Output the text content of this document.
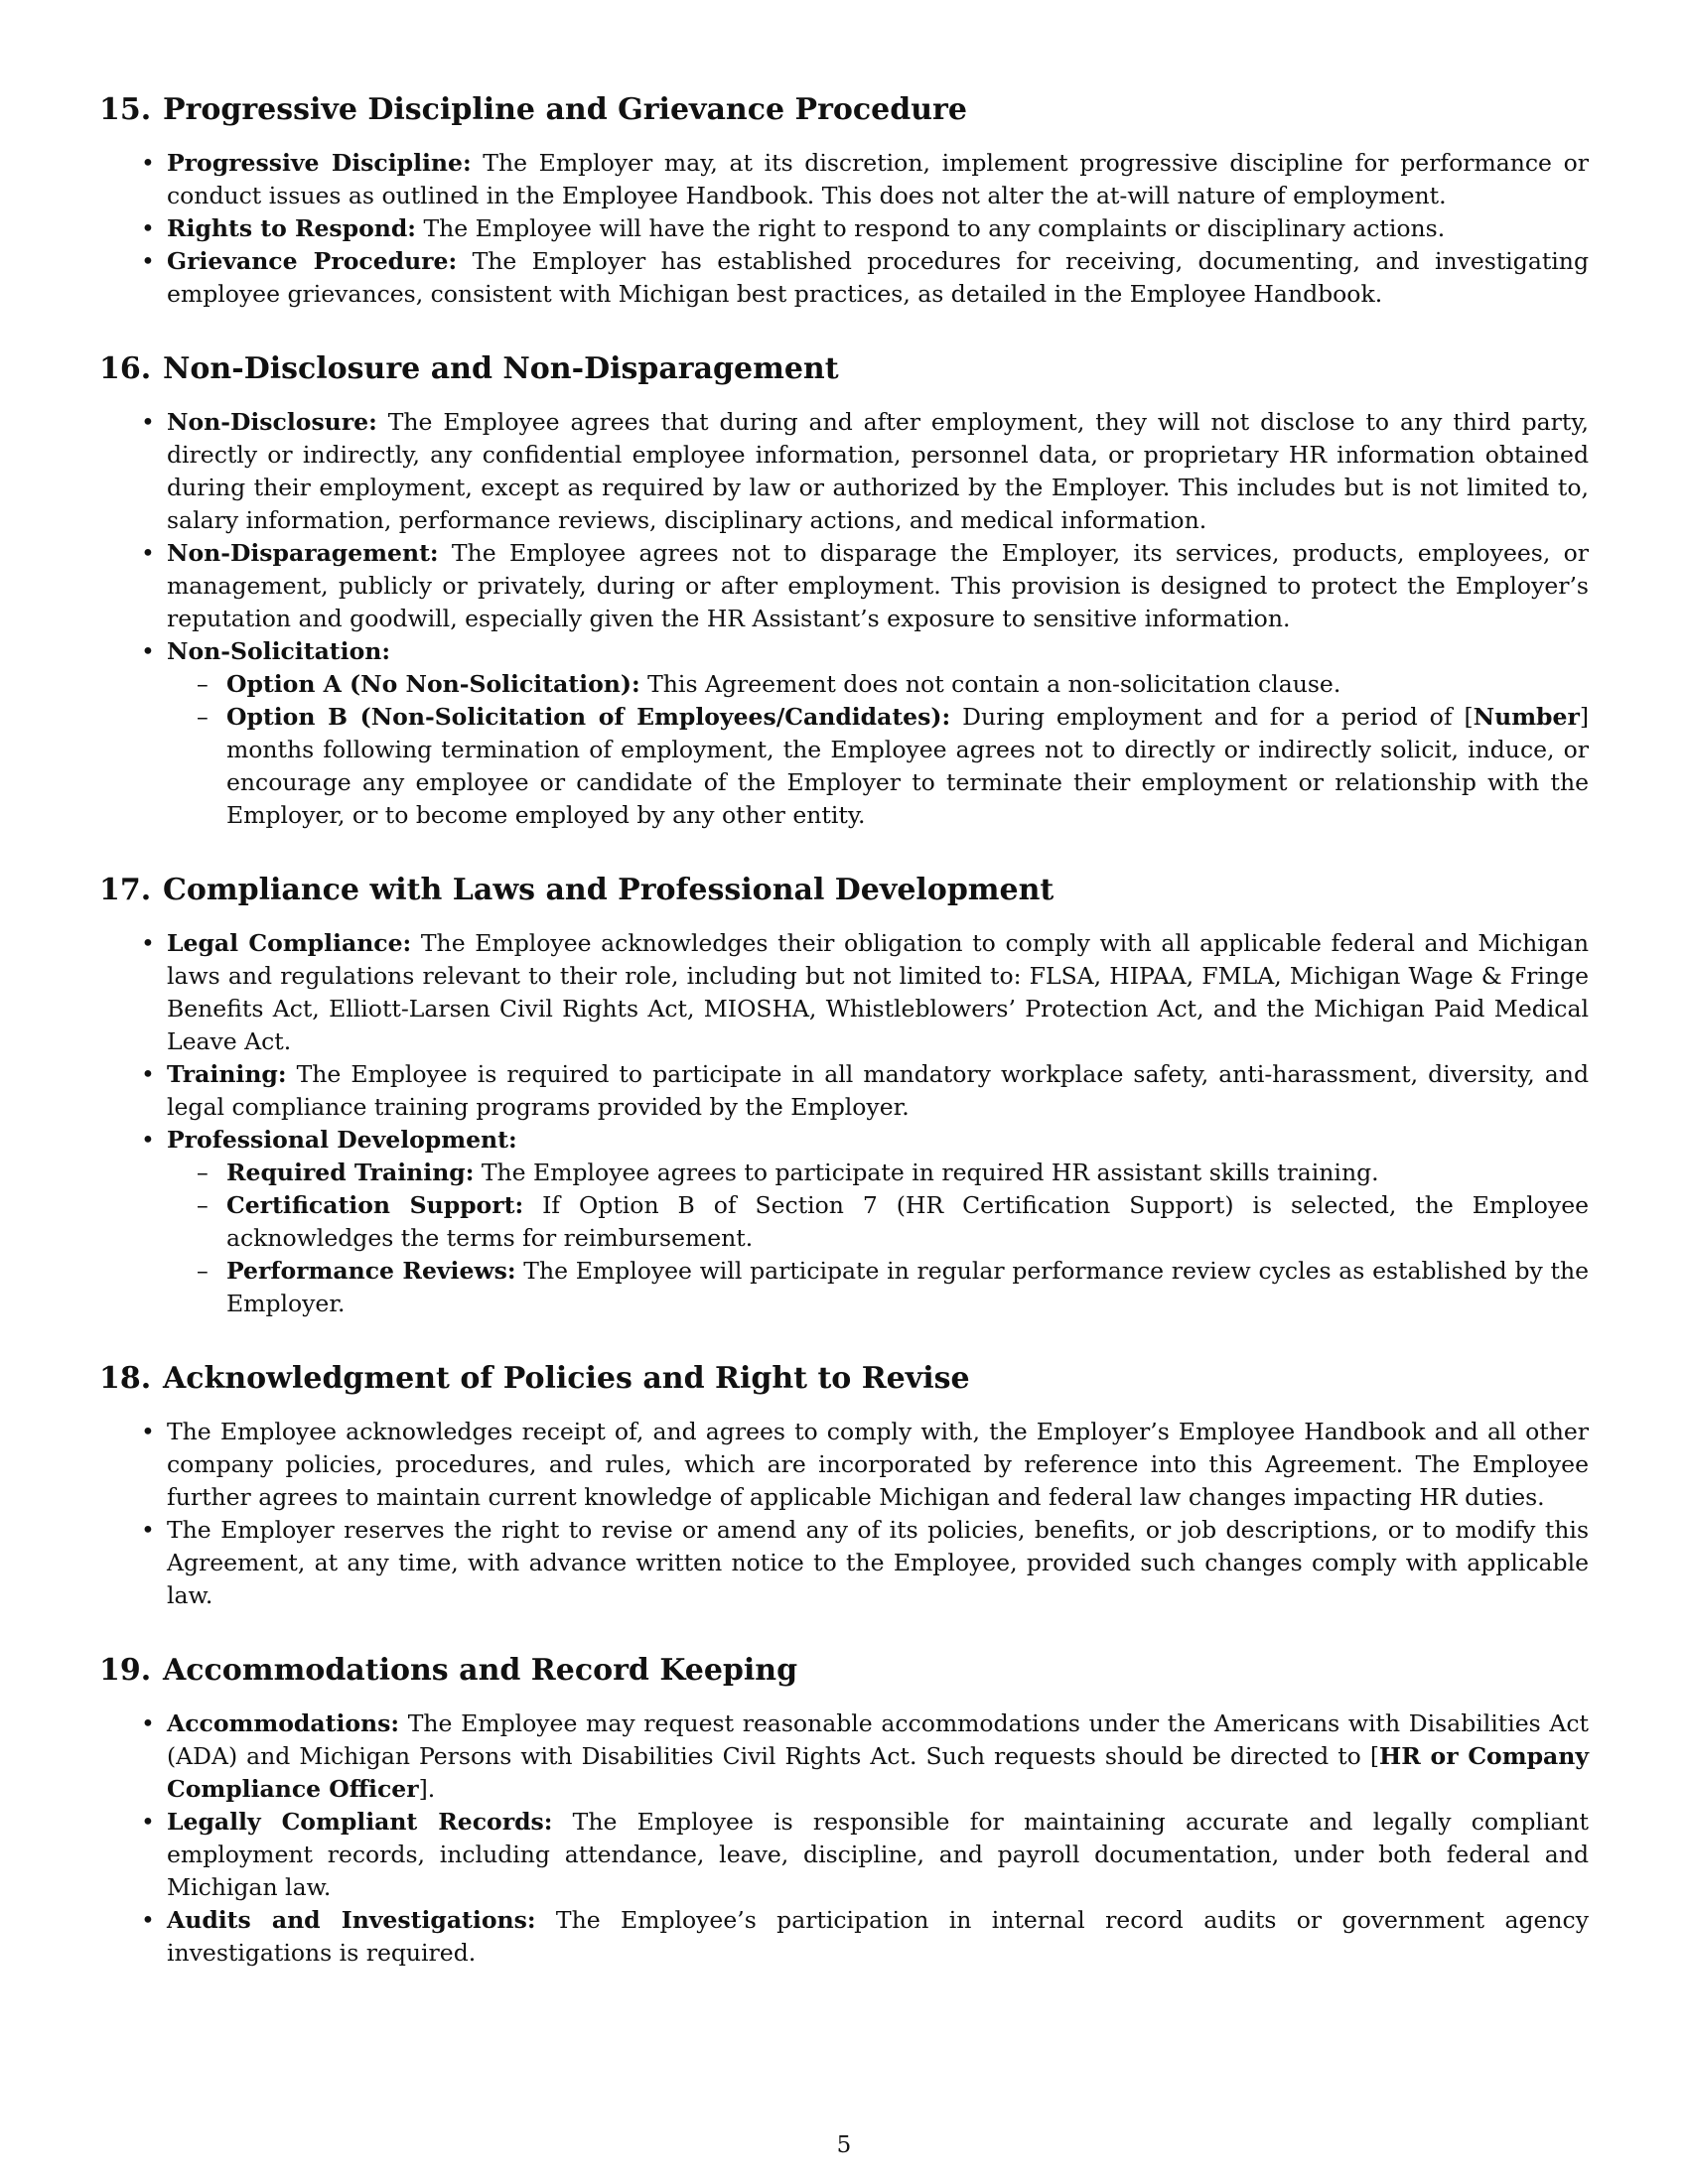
15. Progressive Discipline and Grievance Procedure
• Progressive Discipline: The Employer may, at its discretion, implement progressive discipline for performance or conduct issues as outlined in the Employee Handbook. This does not alter the at-will nature of employment.
• Rights to Respond: The Employee will have the right to respond to any complaints or disciplinary actions.
• Grievance Procedure: The Employer has established procedures for receiving, documenting, and investigating employee grievances, consistent with Michigan best practices, as detailed in the Employee Handbook.
16. Non-Disclosure and Non-Disparagement
• Non-Disclosure: The Employee agrees that during and after employment, they will not disclose to any third party, directly or indirectly, any confidential employee information, personnel data, or proprietary HR information obtained during their employment, except as required by law or authorized by the Employer. This includes but is not limited to, salary information, performance reviews, disciplinary actions, and medical information.
• Non-Disparagement: The Employee agrees not to disparage the Employer, its services, products, employees, or management, publicly or privately, during or after employment. This provision is designed to protect the Employer’s reputation and goodwill, especially given the HR Assistant’s exposure to sensitive information.
• Non-Solicitation:
– Option A (No Non-Solicitation): This Agreement does not contain a non-solicitation clause.
– Option B (Non-Solicitation of Employees/Candidates): During employment and for a period of [Number] months following termination of employment, the Employee agrees not to directly or indirectly solicit, induce, or encourage any employee or candidate of the Employer to terminate their employment or relationship with the Employer, or to become employed by any other entity.
17. Compliance with Laws and Professional Development
• Legal Compliance: The Employee acknowledges their obligation to comply with all applicable federal and Michigan laws and regulations relevant to their role, including but not limited to: FLSA, HIPAA, FMLA, Michigan Wage & Fringe Benefits Act, Elliott-Larsen Civil Rights Act, MIOSHA, Whistleblowers’ Protection Act, and the Michigan Paid Medical Leave Act.
• Training: The Employee is required to participate in all mandatory workplace safety, anti-harassment, diversity, and legal compliance training programs provided by the Employer.
• Professional Development:
– Required Training: The Employee agrees to participate in required HR assistant skills training.
– Certification Support: If Option B of Section 7 (HR Certification Support) is selected, the Employee acknowledges the terms for reimbursement.
– Performance Reviews: The Employee will participate in regular performance review cycles as established by the Employer.
18. Acknowledgment of Policies and Right to Revise
• The Employee acknowledges receipt of, and agrees to comply with, the Employer’s Employee Handbook and all other company policies, procedures, and rules, which are incorporated by reference into this Agreement. The Employee further agrees to maintain current knowledge of applicable Michigan and federal law changes impacting HR duties.
• The Employer reserves the right to revise or amend any of its policies, benefits, or job descriptions, or to modify this Agreement, at any time, with advance written notice to the Employee, provided such changes comply with applicable law.
19. Accommodations and Record Keeping
• Accommodations: The Employee may request reasonable accommodations under the Americans with Disabilities Act (ADA) and Michigan Persons with Disabilities Civil Rights Act. Such requests should be directed to [HR or Company Compliance Officer].
• Legally Compliant Records: The Employee is responsible for maintaining accurate and legally compliant employment records, including attendance, leave, discipline, and payroll documentation, under both federal and Michigan law.
• Audits and Investigations: The Employee’s participation in internal record audits or government agency investigations is required.
5
